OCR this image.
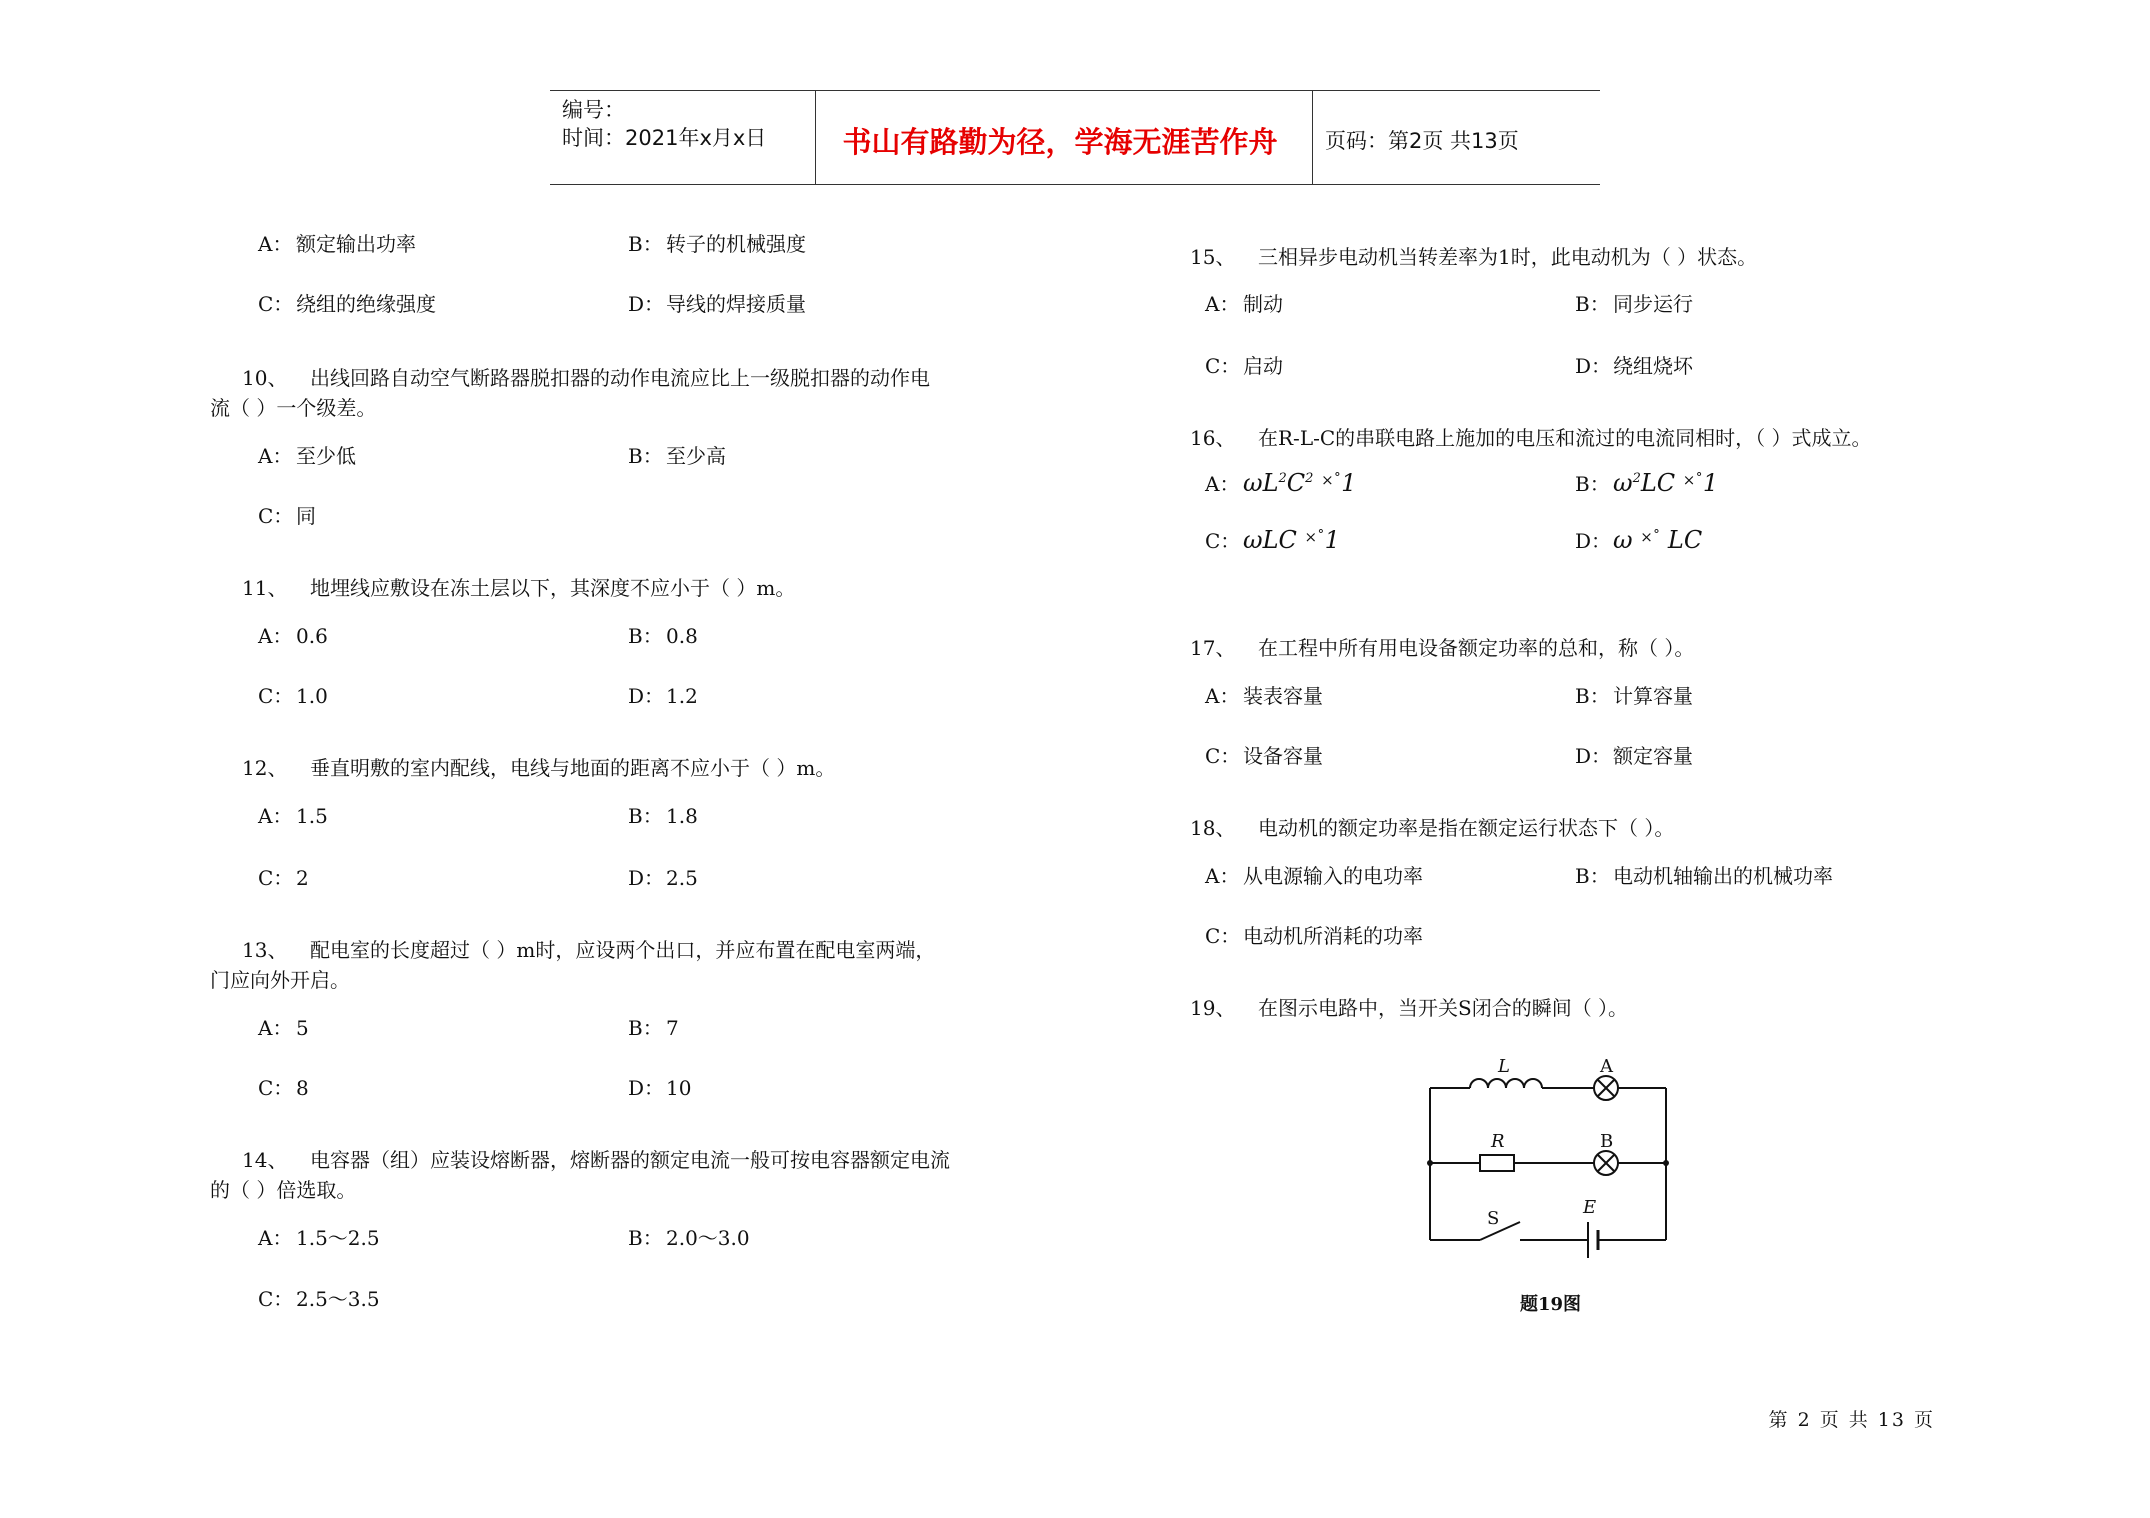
编号：
时间：2021年x月x日	书山有路勤为径，学海无涯苦作舟 页码：第2页 共13页
A： 额定输出功率	B： 转子的机械强度
C： 绕组的绝缘强度	D：导线的焊接质量
10、 出线回路自动空气断路器脱扣器的动作电流应比上一级脱扣器的动作电
流（ ）一个级差。
A： 至少低	B： 至少高
C： 同
11、 地埋线应敷设在冻土层以下，其深度不应小于（ ）m。
A： 0.6	B： 0.8
C： 1.0	D：1.2
12、 垂直明敷的室内配线，电线与地面的距离不应小于（ ）m。
A： 1.5	B： 1.8
C： 2	D：2.5
13、 配电室的长度超过（ ）m时，应设两个出口，并应布置在配电室两端，
门应向外开启。
A： 5	B： 7
C： 8	D：10
14、 电容器（组）应装设熔断器，熔断器的额定电流一般可按电容器额定电流
的（ ）倍选取。
A： 1.5～2.5	B： 2.0～3.0
C： 2.5～3.5
15、 三相异步电动机当转差率为1时，此电动机为（ ）状态。
A： 制动	B： 同步运行
C： 启动	D：绕组烧坏
16、 在R-L-C的串联电路上施加的电压和流过的电流同相时，（ ）式成立。
A： $\omega L^2C^2$ ×˚1	B： $\omega^2LC$ ×˚1
C： ωLC ×˚1	D：ω ×˚ LC
17、 在工程中所有用电设备额定功率的总和，称（ ）。
A： 装表容量	B： 计算容量
C： 设备容量	D：额定容量
18、 电动机的额定功率是指在额定运行状态下（ ）。
A： 从电源输入的电功率	B： 电动机轴输出的机械功率
C： 电动机所消耗的功率
19、 在图示电路中，当开关S闭合的瞬间（ ）。
L	A
R	B
S
E
题19图
第 2 页 共 13 页
